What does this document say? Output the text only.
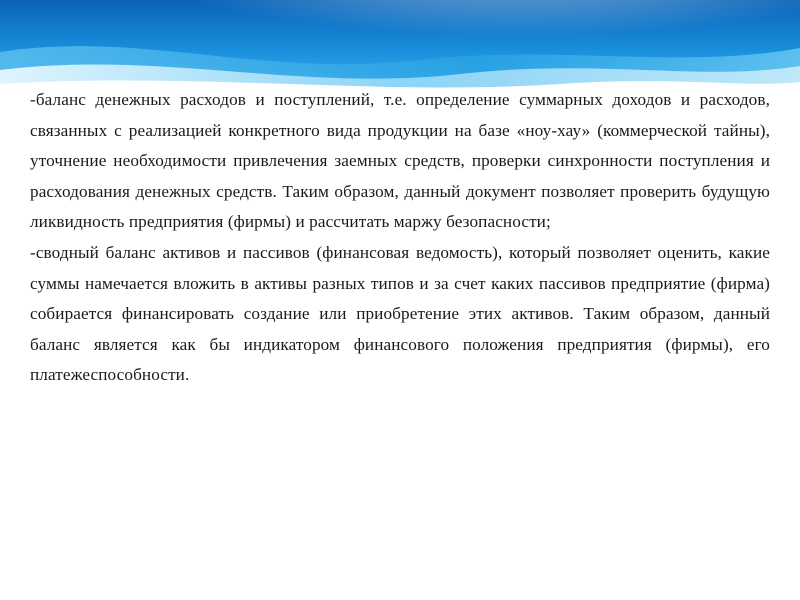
-баланс денежных расходов и поступлений, т.е. определение суммарных доходов и расходов, связанных с реализацией конкретного вида продукции на базе «ноу-хау» (коммерческой тайны), уточнение необходимости привлечения заемных средств, проверки синхронности поступления и расходования денежных средств. Таким образом, данный документ позволяет проверить будущую ликвидность предприятия (фирмы) и рассчитать маржу безопасности;

-сводный баланс активов и пассивов (финансовая ведомость), который позволяет оценить, какие суммы намечается вложить в активы разных типов и за счет каких пассивов предприятие (фирма) собирается финансировать создание или приобретение этих активов. Таким образом, данный баланс является как бы индикатором финансового положения предприятия (фирмы), его платежеспособности.
